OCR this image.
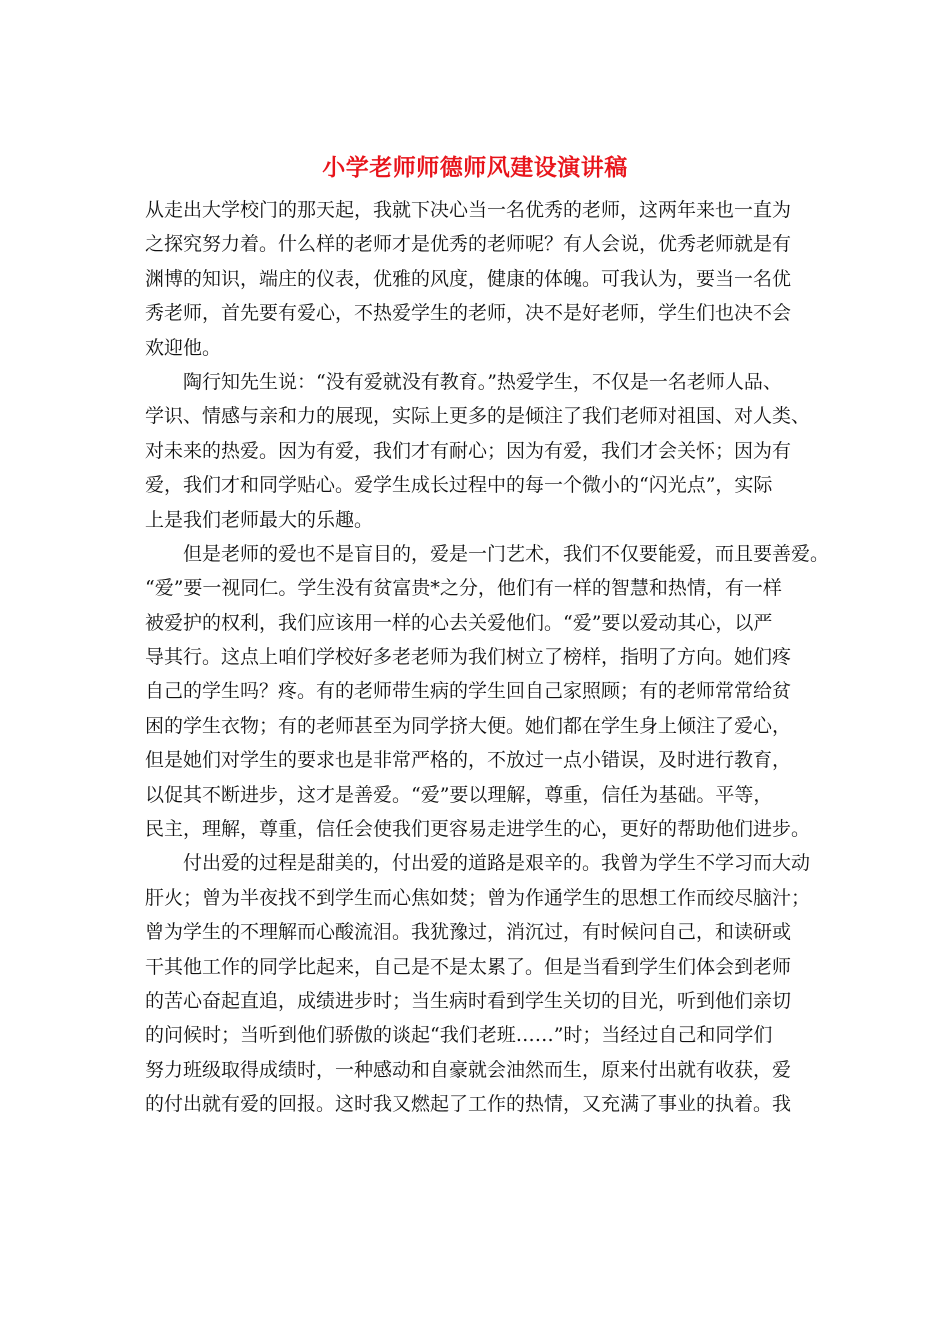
小学老师师德师风建设演讲稿
从走出大学校门的那天起，我就下决心当一名优秀的老师，这两年来也一直为
之探究努力着。什么样的老师才是优秀的老师呢？有人会说，优秀老师就是有
渊博的知识，端庄的仪表，优雅的风度，健康的体魄。可我认为，要当一名优
秀老师，首先要有爱心，不热爱学生的老师，决不是好老师，学生们也决不会
欢迎他。
　　陶行知先生说：“没有爱就没有教育。”热爱学生，不仅是一名老师人品、
学识、情感与亲和力的展现，实际上更多的是倾注了我们老师对祖国、对人类、
对未来的热爱。因为有爱，我们才有耐心；因为有爱，我们才会关怀；因为有
爱，我们才和同学贴心。爱学生成长过程中的每一个微小的“闪光点”，实际
上是我们老师最大的乐趣。
　　但是老师的爱也不是盲目的，爱是一门艺术，我们不仅要能爱，而且要善爱。
“爱”要一视同仁。学生没有贫富贵*之分，他们有一样的智慧和热情，有一样
被爱护的权利，我们应该用一样的心去关爱他们。“爱”要以爱动其心，以严
导其行。这点上咱们学校好多老老师为我们树立了榜样，指明了方向。她们疼
自己的学生吗？疼。有的老师带生病的学生回自己家照顾；有的老师常常给贫
困的学生衣物；有的老师甚至为同学挤大便。她们都在学生身上倾注了爱心，
但是她们对学生的要求也是非常严格的，不放过一点小错误，及时进行教育，
以促其不断进步，这才是善爱。“爱”要以理解，尊重，信任为基础。平等，
民主，理解，尊重，信任会使我们更容易走进学生的心，更好的帮助他们进步。
　　付出爱的过程是甜美的，付出爱的道路是艰辛的。我曾为学生不学习而大动
肝火；曾为半夜找不到学生而心焦如焚；曾为作通学生的思想工作而绞尽脑汁；
曾为学生的不理解而心酸流泪。我犹豫过，消沉过，有时候问自己，和读研或
干其他工作的同学比起来，自己是不是太累了。但是当看到学生们体会到老师
的苦心奋起直追，成绩进步时；当生病时看到学生关切的目光，听到他们亲切
的问候时；当听到他们骄傲的谈起“我们老班……”时；当经过自己和同学们
努力班级取得成绩时，一种感动和自豪就会油然而生，原来付出就有收获，爱
的付出就有爱的回报。这时我又燃起了工作的热情，又充满了事业的执着。我
